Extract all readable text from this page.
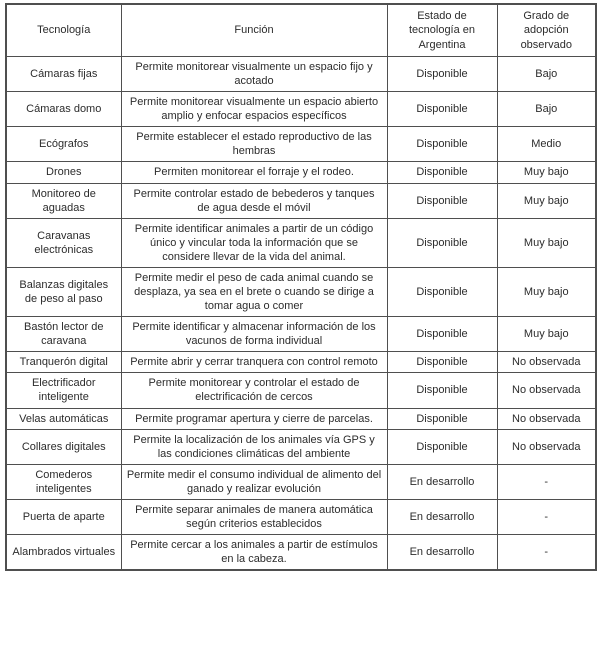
Tecnología	Función	Estado de tecnología en Argentina	Grado de adopción observado
Cámaras fijas	Permite monitorear visualmente un espacio fijo y acotado	Disponible	Bajo
Cámaras domo	Permite monitorear visualmente un espacio abierto amplio y enfocar espacios específicos	Disponible	Bajo
Ecógrafos	Permite establecer el estado reproductivo de las hembras	Disponible	Medio
Drones	Permiten monitorear el forraje y el rodeo.	Disponible	Muy bajo
Monitoreo de aguadas	Permite controlar estado de bebederos y tanques de agua desde el móvil	Disponible	Muy bajo
Caravanas electrónicas	Permite identificar animales a partir de un código único y vincular toda la información que se considere llevar de la vida del animal.	Disponible	Muy bajo
Balanzas digitales de peso al paso	Permite medir el peso de cada animal cuando se desplaza, ya sea en el brete o cuando se dirige a tomar agua o comer	Disponible	Muy bajo
Bastón lector de caravana	Permite identificar y almacenar información de los vacunos de forma individual	Disponible	Muy bajo
Tranquerón digital	Permite abrir y cerrar tranquera con control remoto	Disponible	No observada
Electrificador inteligente	Permite monitorear y controlar el estado de electrificación de cercos	Disponible	No observada
Velas automáticas	Permite programar apertura y cierre de parcelas.	Disponible	No observada
Collares digitales	Permite la localización de los animales vía GPS y las condiciones climáticas del ambiente	Disponible	No observada
Comederos inteligentes	Permite medir el consumo individual de alimento del ganado y realizar evolución	En desarrollo	-
Puerta de aparte	Permite separar animales de manera automática según criterios establecidos	En desarrollo	-
Alambrados virtuales	Permite cercar a los animales a partir de estímulos en la cabeza.	En desarrollo	-
